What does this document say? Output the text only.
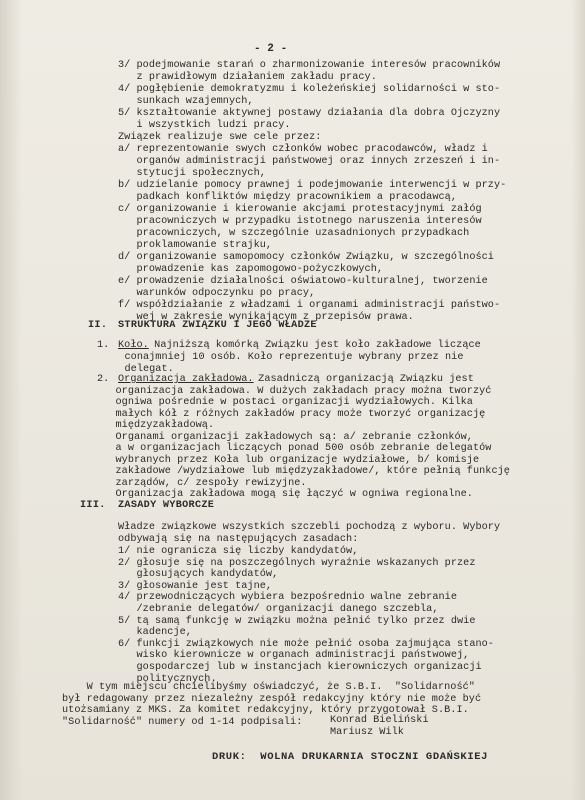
- 2 -
3/ podejmowanie starań o zharmonizowanie interesów pracowników
z prawidłowym działaniem zakładu pracy.
4/ pogłębienie demokratyzmu i koleżeńskiej solidarności w sto-
sunkach wzajemnych,
5/ kształtowanie aktywnej postawy działania dla dobra Ojczyzny
i wszystkich ludzi pracy.
Związek realizuje swe cele przez:
a/ reprezentowanie swych członków wobec pracodawców, władz i
organów administracji państwowej oraz innych zrzeszeń i in-
stytucji społecznych,
b/ udzielanie pomocy prawnej i podejmowanie interwencji w przy-
padkach konfliktów między pracownikiem a pracodawcą,
c/ organizowanie i kierowanie akcjami protestacyjnymi załóg
pracowniczych w przypadku istotnego naruszenia interesów
pracowniczych, w szczególnie uzasadnionych przypadkach
proklamowanie strajku,
d/ organizowanie samopomocy członków Związku, w szczególności
prowadzenie kas zapomogowo-pożyczkowych,
e/ prowadzenie działalności oświatowo-kulturalnej, tworzenie
warunków odpoczynku po pracy,
f/ współdziałanie z władzami i organami administracji państwo-
wej w zakresie wynikającym z przepisów prawa.
II. STRUKTURA ZWIĄZKU I JEGO WŁADZE
1. Koło. Najniższą komórką Związku jest koło zakładowe liczące
conajmniej 10 osób. Koło reprezentuje wybrany przez nie
delegat.
2. Organizacja zakładowa.
Zasadniczą organizacją Związku jest
organizacja zakładowa. W dużych zakładach pracy można tworzyć
ogniwa pośrednie w postaci organizacji wydziałowych. Kilka
małych kół z różnych zakładów pracy może tworzyć organizację
międzyzakładową.
Organami organizacji zakładowych są: a/ zebranie członków,
a w organizacjach liczących ponad 500 osób zebranie delegatów
wybranych przez Koła lub organizacje wydziałowe, b/ komisje
zakładowe /wydziałowe lub międzyzakładowe/, które pełnią funkcję
zarządów, c/ zespoły rewizyjne.
Organizacja zakładowa mogą się łączyć w ogniwa regionalne.
III. ZASADY WYBORCZE
Władze związkowe wszystkich szczebli pochodzą z wyboru. Wybory
odbywają się na następujących zasadach:
1/ nie ogranicza się liczby kandydatów,
2/ głosuje się na poszczególnych wyraźnie wskazanych przez
głosujących kandydatów,
3/ głosowanie jest tajne,
4/ przewodniczących wybiera bezpośrednio walne zebranie
/zebranie delegatów/ organizacji danego szczebla,
5/ tą samą funkcję w związku można pełnić tylko przez dwie
kadencje,
6/ funkcji związkowych nie może pełnić osoba zajmująca stano-
wisko kierownicze w organach administracji państwowej,
gospodarczej lub w instancjach kierowniczych organizacji
politycznych.
W tym miejscu chcielibyśmy oświadczyć, że S.B.I.  "Solidarność"
był redagowany przez niezależny zespół redakcyjny który nie może być
utożsamiany z MKS. Za komitet redakcyjny, który przygotował S.B.I.
"Solidarność" numery od 1-14 podpisali:	Konrad Bieliński
Mariusz Wilk
DRUK:  WOLNA DRUKARNIA STOCZNI GDAŃSKIEJ
